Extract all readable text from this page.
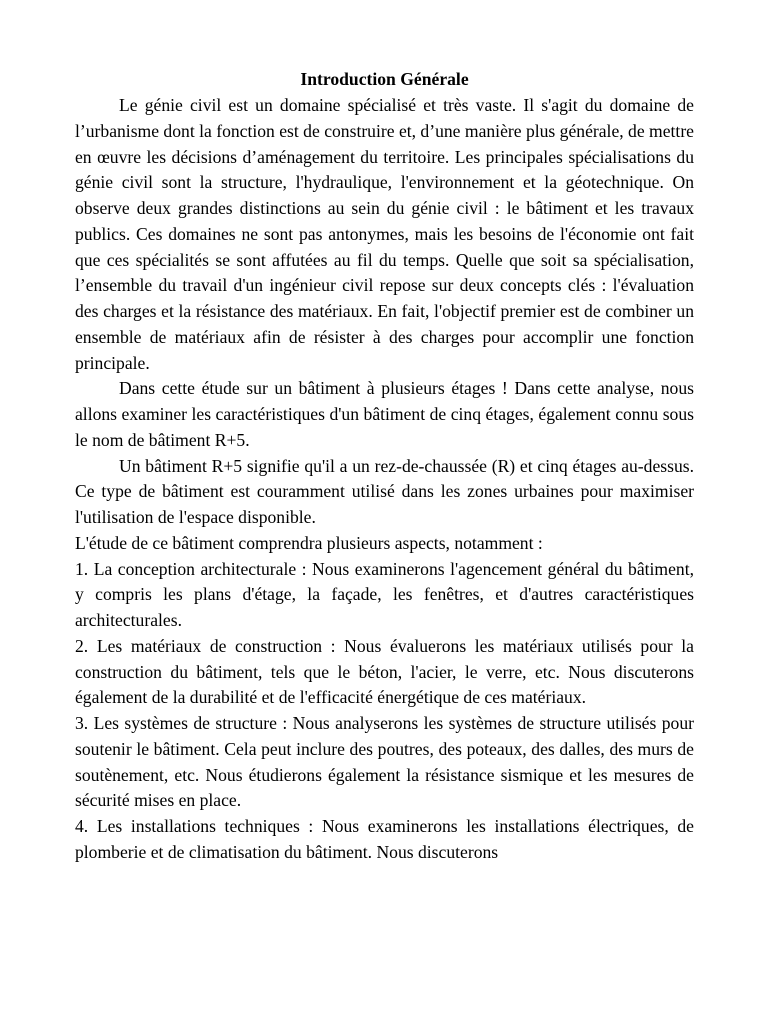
Introduction Générale

Le génie civil est un domaine spécialisé et très vaste. Il s'agit du domaine de l’urbanisme dont la fonction est de construire et, d’une manière plus générale, de mettre en œuvre les décisions d’aménagement du territoire. Les principales spécialisations du génie civil sont la structure, l'hydraulique, l'environnement et la géotechnique. On observe deux grandes distinctions au sein du génie civil : le bâtiment et les travaux publics. Ces domaines ne sont pas antonymes, mais les besoins de l'économie ont fait que ces spécialités se sont affutées au fil du temps. Quelle que soit sa spécialisation, l’ensemble du travail d'un ingénieur civil repose sur deux concepts clés : l'évaluation des charges et la résistance des matériaux. En fait, l'objectif premier est de combiner un ensemble de matériaux afin de résister à des charges pour accomplir une fonction principale.

Dans cette étude sur un bâtiment à plusieurs étages ! Dans cette analyse, nous allons examiner les caractéristiques d'un bâtiment de cinq étages, également connu sous le nom de bâtiment R+5.

Un bâtiment R+5 signifie qu'il a un rez-de-chaussée (R) et cinq étages au-dessus. Ce type de bâtiment est couramment utilisé dans les zones urbaines pour maximiser l'utilisation de l'espace disponible.

L'étude de ce bâtiment comprendra plusieurs aspects, notamment :

1. La conception architecturale : Nous examinerons l'agencement général du bâtiment, y compris les plans d'étage, la façade, les fenêtres, et d'autres caractéristiques architecturales.

2. Les matériaux de construction : Nous évaluerons les matériaux utilisés pour la construction du bâtiment, tels que le béton, l'acier, le verre, etc. Nous discuterons également de la durabilité et de l'efficacité énergétique de ces matériaux.

3. Les systèmes de structure : Nous analyserons les systèmes de structure utilisés pour soutenir le bâtiment. Cela peut inclure des poutres, des poteaux, des dalles, des murs de soutènement, etc. Nous étudierons également la résistance sismique et les mesures de sécurité mises en place.

4. Les installations techniques : Nous examinerons les installations électriques, de plomberie et de climatisation du bâtiment. Nous discuterons
